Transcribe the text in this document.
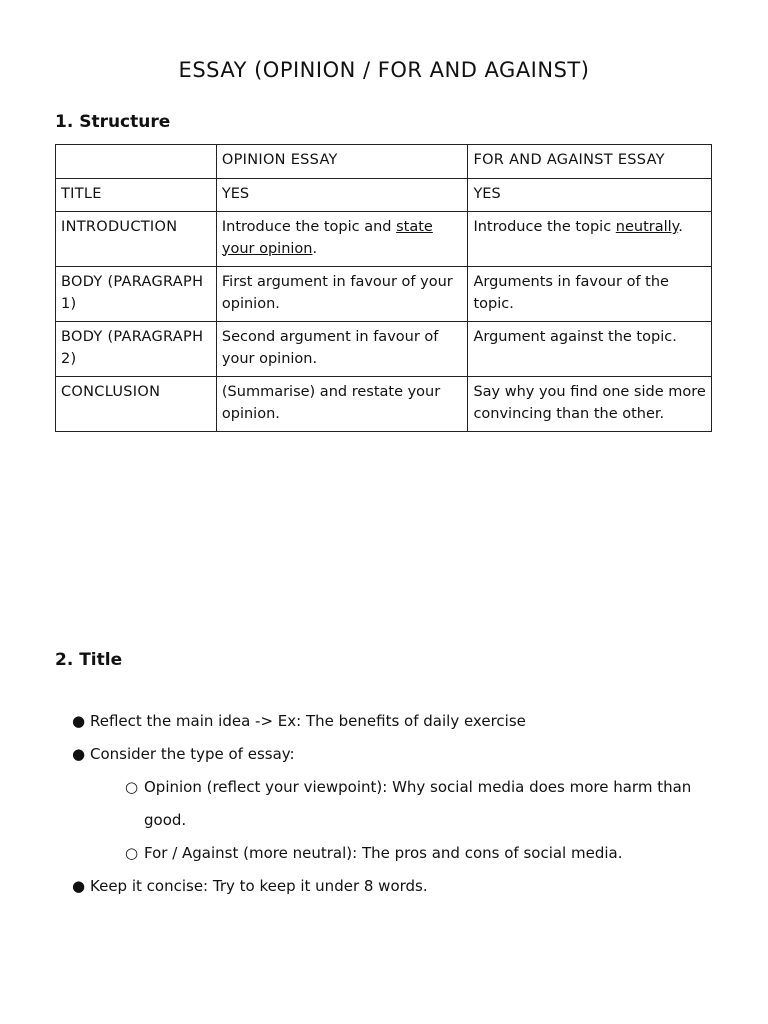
ESSAY (OPINION / FOR AND AGAINST)
1. Structure
	OPINION ESSAY	FOR AND AGAINST ESSAY
TITLE	YES	YES
INTRODUCTION	Introduce the topic and state your opinion.	Introduce the topic neutrally.
BODY (PARAGRAPH 1)	First argument in favour of your opinion.	Arguments in favour of the topic.
BODY (PARAGRAPH 2)	Second argument in favour of your opinion.	Argument against the topic.
CONCLUSION	(Summarise) and restate your opinion.	Say why you find one side more convincing than the other.
2. Title
● Reflect the main idea -> Ex: The benefits of daily exercise
● Consider the type of essay:
○ Opinion (reflect your viewpoint): Why social media does more harm than good.
○ For / Against (more neutral): The pros and cons of social media.
● Keep it concise: Try to keep it under 8 words.
